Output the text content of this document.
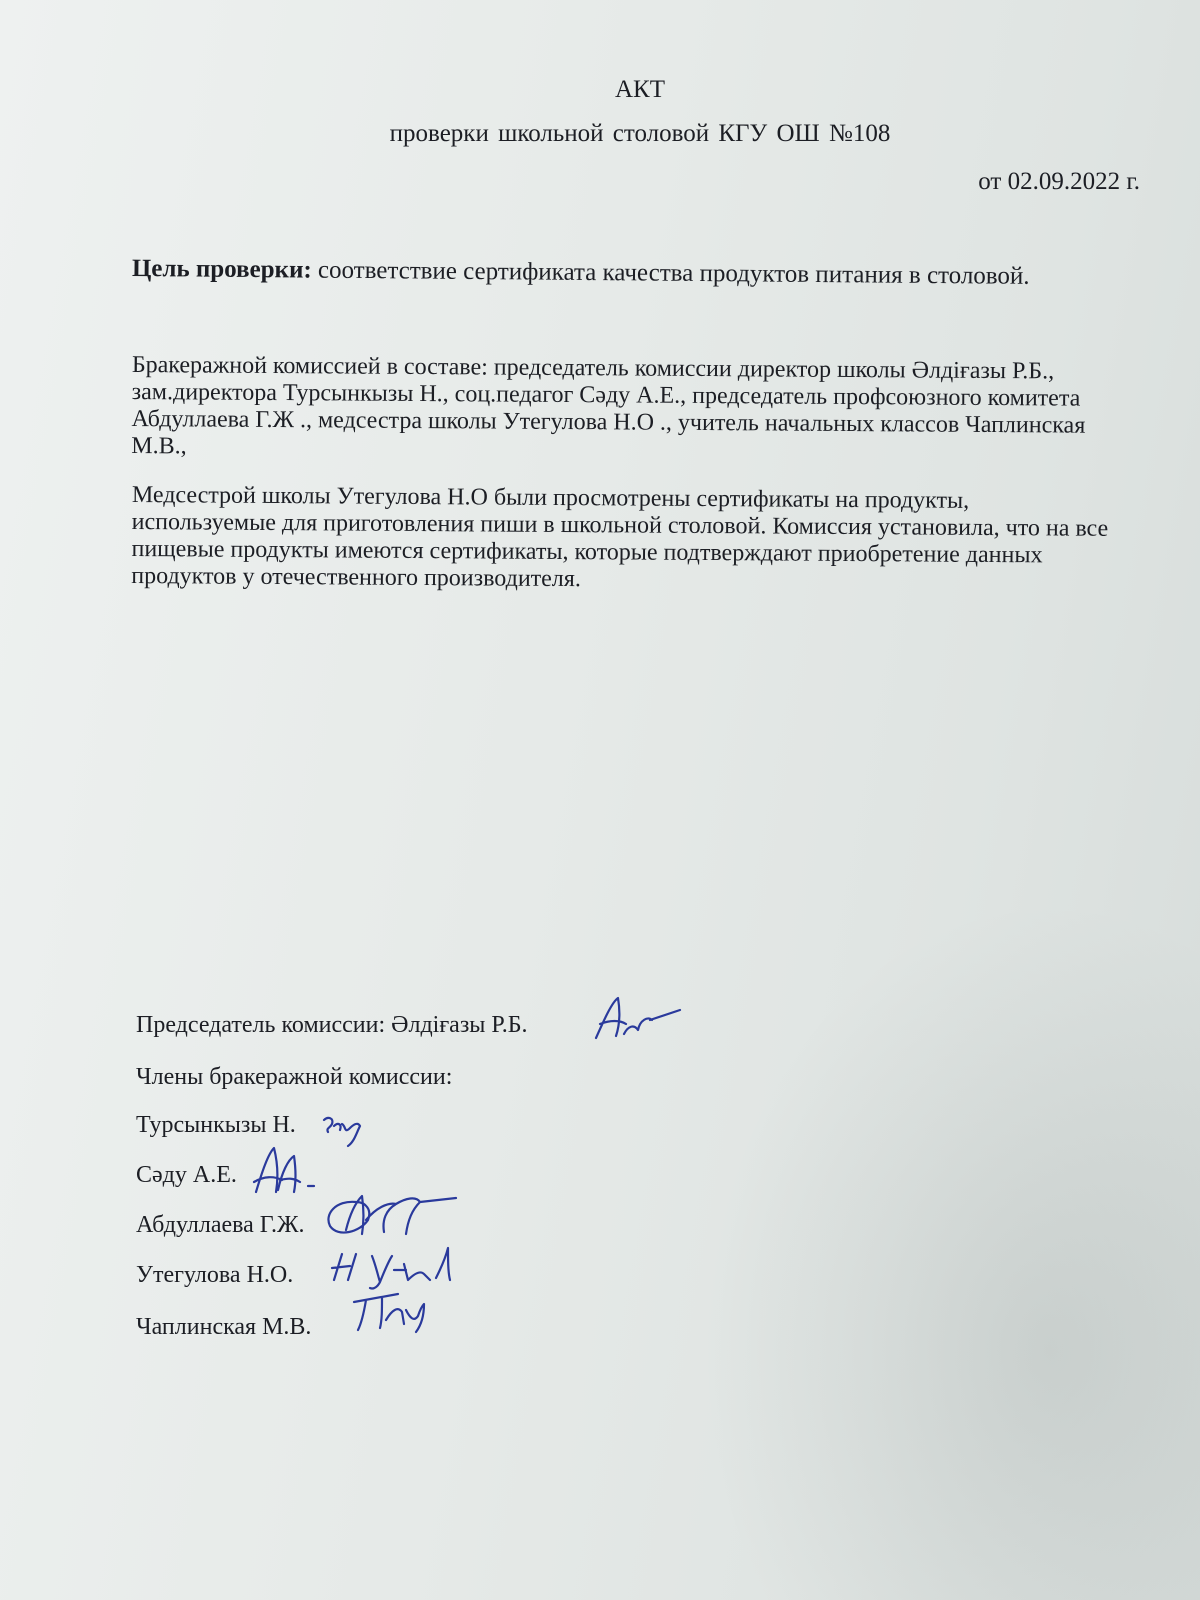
АКТ
проверки школьной столовой КГУ ОШ №108
от 02.09.2022 г.
Цель проверки: соответствие сертификата качества продуктов питания в столовой.
Бракеражной комиссией в составе: председатель комиссии директор школы Әлдіғазы Р.Б., зам.директора Турсынкызы Н., соц.педагог Сәду А.Е., председатель профсоюзного комитета Абдуллаева Г.Ж ., медсестра школы Утегулова Н.О ., учитель начальных классов Чаплинская М.В.,
Медсестрой школы Утегулова Н.О были просмотрены сертификаты на продукты, используемые для приготовления пиши в школьной столовой. Комиссия установила, что на все пищевые продукты имеются сертификаты, которые подтверждают приобретение данных продуктов у отечественного производителя.
Председатель комиссии: Әлдіғазы Р.Б.
Члены бракеражной комиссии:
Турсынкызы Н.
Сәду А.Е.
Абдуллаева Г.Ж.
Утегулова Н.О.
Чаплинская М.В.
